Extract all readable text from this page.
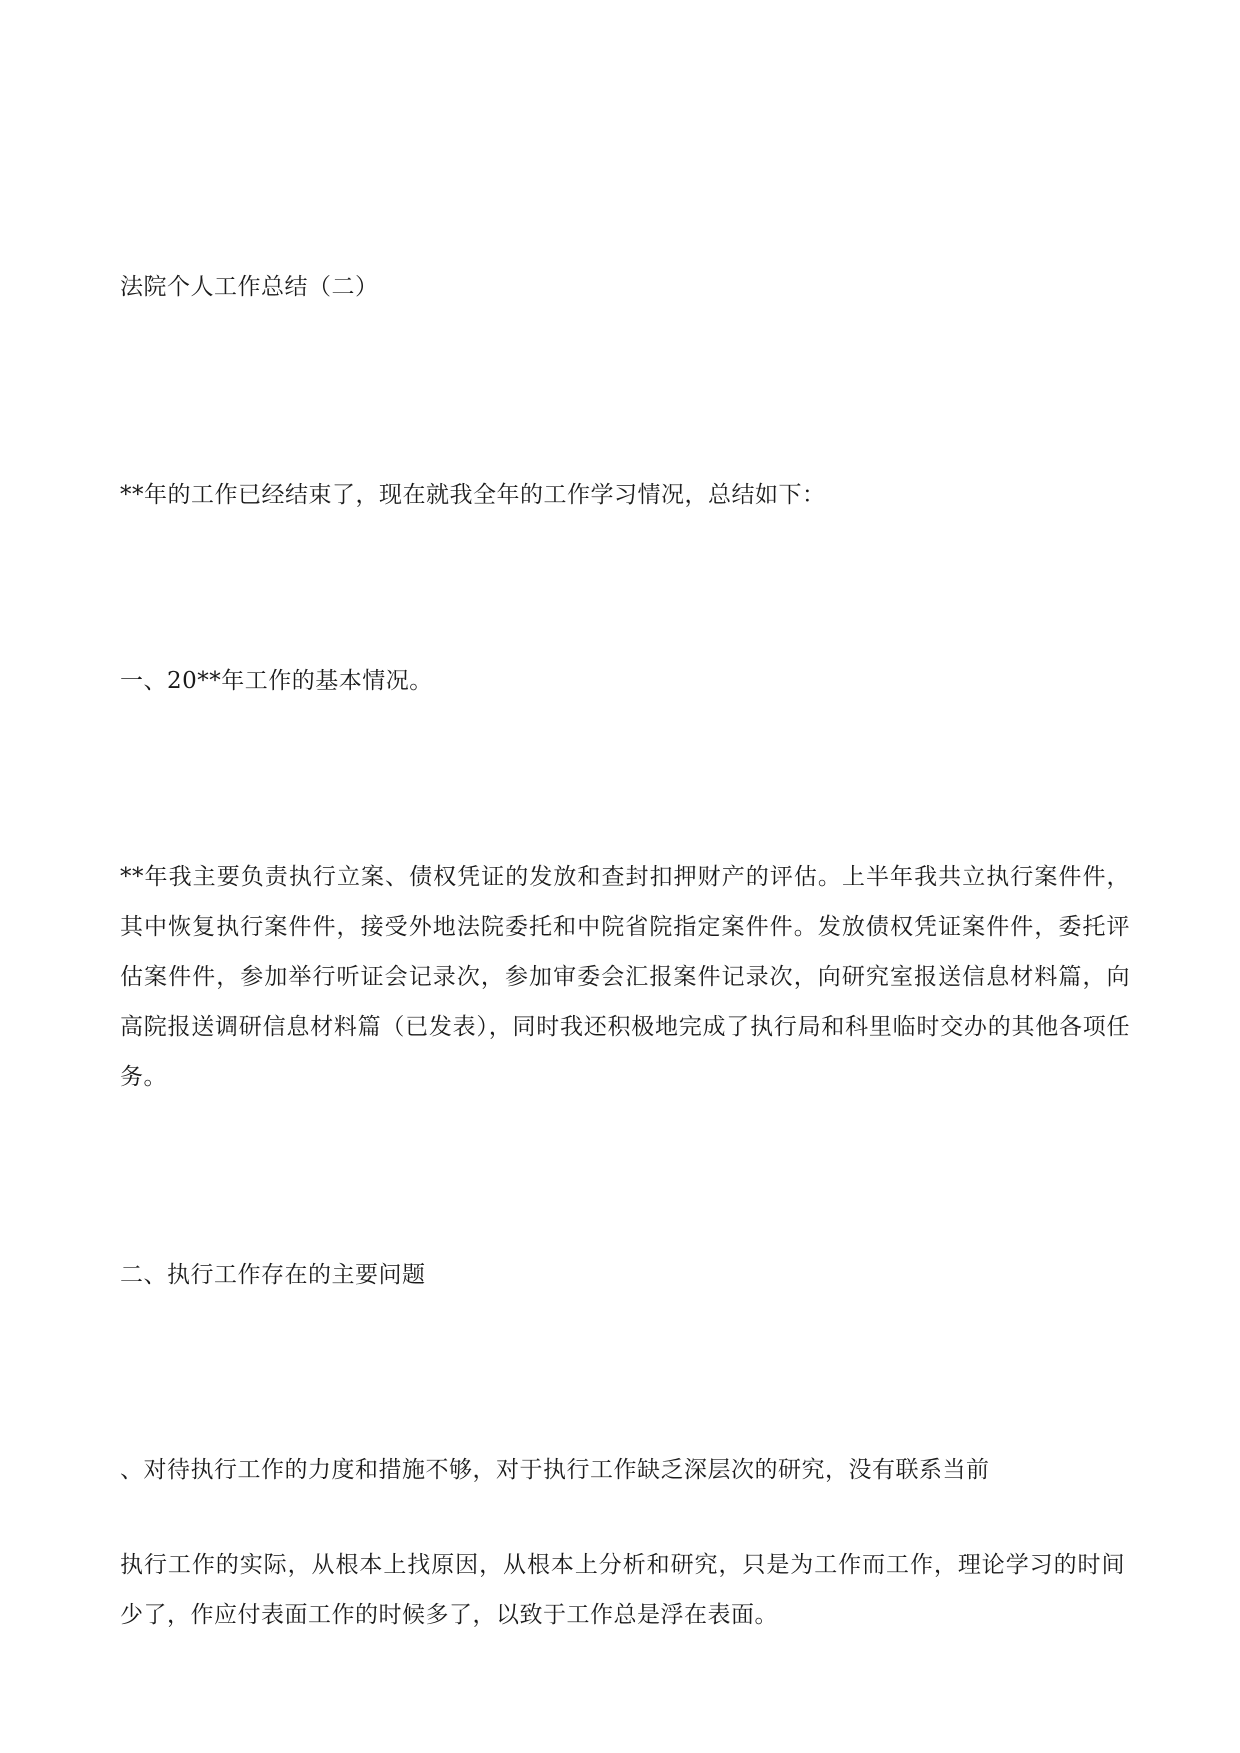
法院个人工作总结（二）
**年的工作已经结束了，现在就我全年的工作学习情况，总结如下：
一、20**年工作的基本情况。
**年我主要负责执行立案、债权凭证的发放和查封扣押财产的评估。上半年我共立执行案件件，其中恢复执行案件件，接受外地法院委托和中院省院指定案件件。发放债权凭证案件件，委托评估案件件，参加举行听证会记录次，参加审委会汇报案件记录次，向研究室报送信息材料篇，向高院报送调研信息材料篇（已发表），同时我还积极地完成了执行局和科里临时交办的其他各项任务。
二、执行工作存在的主要问题
、对待执行工作的力度和措施不够，对于执行工作缺乏深层次的研究，没有联系当前
执行工作的实际，从根本上找原因，从根本上分析和研究，只是为工作而工作，理论学习的时间少了，作应付表面工作的时候多了，以致于工作总是浮在表面。
